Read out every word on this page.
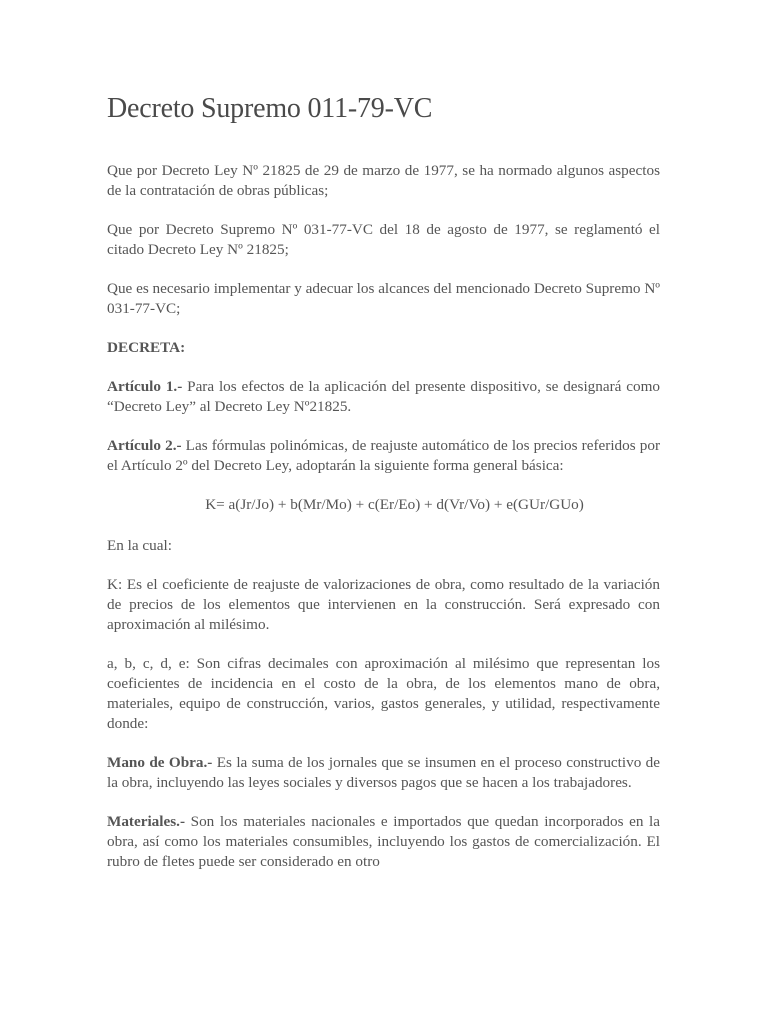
Decreto Supremo 011-79-VC

Que por Decreto Ley Nº 21825 de 29 de marzo de 1977, se ha normado algunos aspectos de la contratación de obras públicas;

Que por Decreto Supremo Nº 031-77-VC del 18 de agosto de 1977, se reglamentó el citado Decreto Ley Nº 21825;

Que es necesario implementar y adecuar los alcances del mencionado Decreto Supremo Nº 031-77-VC;

DECRETA:

Artículo 1.- Para los efectos de la aplicación del presente dispositivo, se designará como “Decreto Ley” al Decreto Ley Nº21825.

Artículo 2.- Las fórmulas polinómicas, de reajuste automático de los precios referidos por el Artículo 2º del Decreto Ley, adoptarán la siguiente forma general básica:

K= a(Jr/Jo) + b(Mr/Mo) + c(Er/Eo) + d(Vr/Vo) + e(GUr/GUo)

En la cual:

K: Es el coeficiente de reajuste de valorizaciones de obra, como resultado de la variación de precios de los elementos que intervienen en la construcción. Será expresado con aproximación al milésimo.

a, b, c, d, e: Son cifras decimales con aproximación al milésimo que representan los coeficientes de incidencia en el costo de la obra, de los elementos mano de obra, materiales, equipo de construcción, varios, gastos generales, y utilidad, respectivamente donde:

Mano de Obra.- Es la suma de los jornales que se insumen en el proceso constructivo de la obra, incluyendo las leyes sociales y diversos pagos que se hacen a los trabajadores.

Materiales.- Son los materiales nacionales e importados que quedan incorporados en la obra, así como los materiales consumibles, incluyendo los gastos de comercialización. El rubro de fletes puede ser considerado en otro
